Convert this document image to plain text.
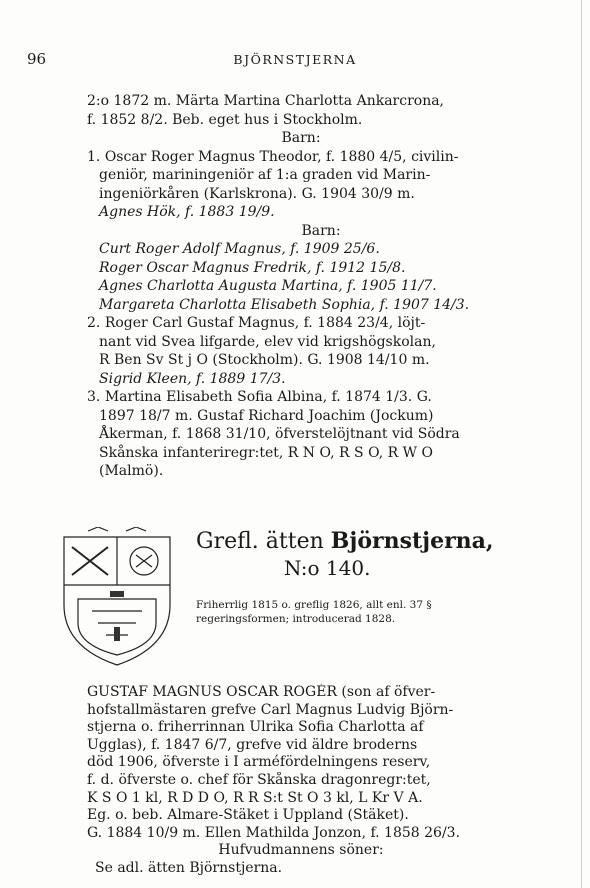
96	BJÖRNSTJERNA
2:o 1872 m. Märta Martina Charlotta Ankarcrona,
f. 1852 8/2. Beb. eget hus i Stockholm.
Barn:
1. Oscar Roger Magnus Theodor, f. 1880 4/5, civilin-
geniör, mariningeniör af 1:a graden vid Marin-
ingeniörkåren (Karlskrona). G. 1904 30/9 m.
Agnes Hök, f. 1883 19/9.
Barn:
Curt Roger Adolf Magnus, f. 1909 25/6.
Roger Oscar Magnus Fredrik, f. 1912 15/8.
Agnes Charlotta Augusta Martina, f. 1905 11/7.
Margareta Charlotta Elisabeth Sophia, f. 1907 14/3.
2. Roger Carl Gustaf Magnus, f. 1884 23/4, löjt-
nant vid Svea lifgarde, elev vid krigshögskolan,
R Ben Sv St j O (Stockholm). G. 1908 14/10 m.
Sigrid Kleen, f. 1889 17/3.
3. Martina Elisabeth Sofia Albina, f. 1874 1/3. G.
1897 18/7 m. Gustaf Richard Joachim (Jockum)
Åkerman, f. 1868 31/10, öfverstelöjtnant vid Södra
Skånska infanteriregr:tet, R N O, R S O, R W O
(Malmö).
Grefl. ätten Björnstjerna,
N:o 140.
Friherrlig 1815 o. greflig 1826, allt enl. 37 §
regeringsformen; introducerad 1828.
GUSTAF MAGNUS OSCAR ROGÉR (son af öfver-
hofstallmästaren grefve Carl Magnus Ludvig Björn-
stjerna o. friherrinnan Ulrika Sofia Charlotta af
Ugglas), f. 1847 6/7, grefve vid äldre broderns
död 1906, öfverste i I arméfördelningens reserv,
f. d. öfverste o. chef för Skånska dragonregr:tet,
K S O 1 kl, R D D O, R R S:t St O 3 kl, L Kr V A.
Eg. o. beb. Almare-Stäket i Uppland (Stäket).
G. 1884 10/9 m. Ellen Mathilda Jonzon, f. 1858 26/3.
Hufvudmannens söner:
Se adl. ätten Björnstjerna.
